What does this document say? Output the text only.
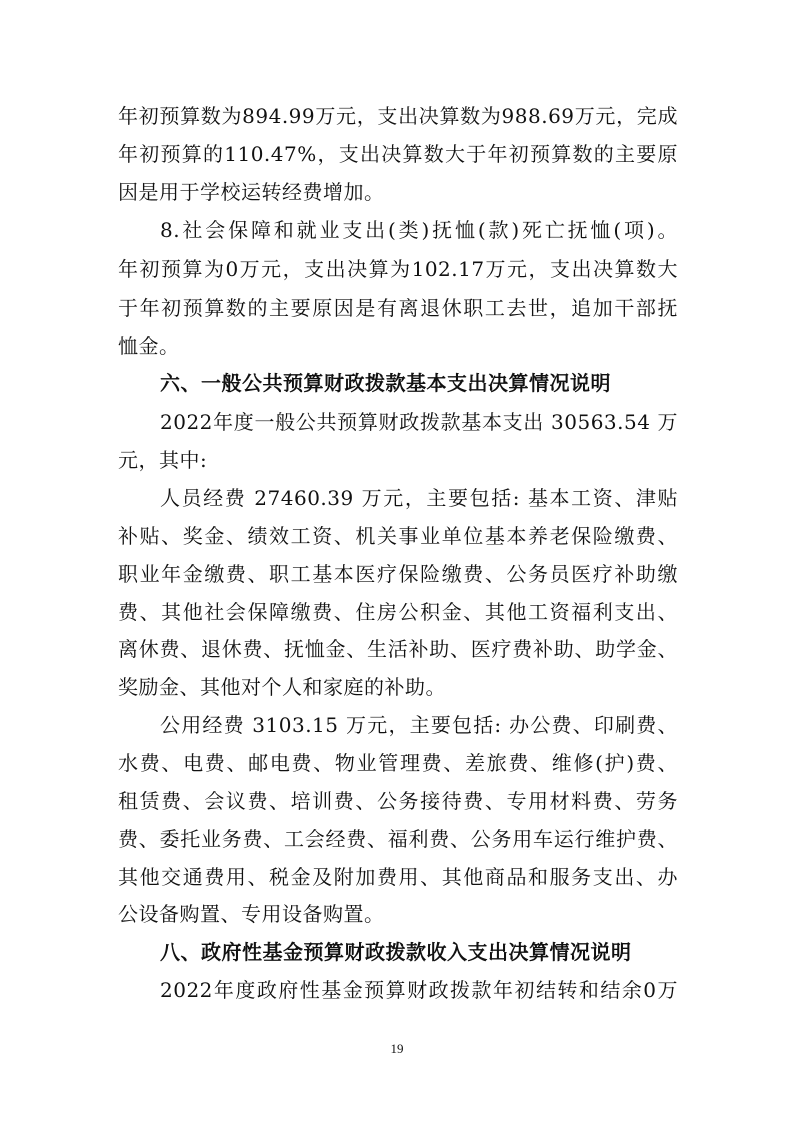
年初预算数为894.99万元，支出决算数为988.69万元，完成
年初预算的110.47%，支出决算数大于年初预算数的主要原
因是用于学校运转经费增加。
8.社会保障和就业支出(类)抚恤(款)死亡抚恤(项)。
年初预算为0万元，支出决算为102.17万元，支出决算数大
于年初预算数的主要原因是有离退休职工去世，追加干部抚
恤金。
六、一般公共预算财政拨款基本支出决算情况说明
2022年度一般公共预算财政拨款基本支出 30563.54 万
元，其中:
人员经费 27460.39 万元，主要包括: 基本工资、津贴
补贴、奖金、绩效工资、机关事业单位基本养老保险缴费、
职业年金缴费、职工基本医疗保险缴费、公务员医疗补助缴
费、其他社会保障缴费、住房公积金、其他工资福利支出、
离休费、退休费、抚恤金、生活补助、医疗费补助、助学金、
奖励金、其他对个人和家庭的补助。
公用经费 3103.15 万元，主要包括: 办公费、印刷费、
水费、电费、邮电费、物业管理费、差旅费、维修(护)费、
租赁费、会议费、培训费、公务接待费、专用材料费、劳务
费、委托业务费、工会经费、福利费、公务用车运行维护费、
其他交通费用、税金及附加费用、其他商品和服务支出、办
公设备购置、专用设备购置。
八、政府性基金预算财政拨款收入支出决算情况说明
2022年度政府性基金预算财政拨款年初结转和结余0万
19
